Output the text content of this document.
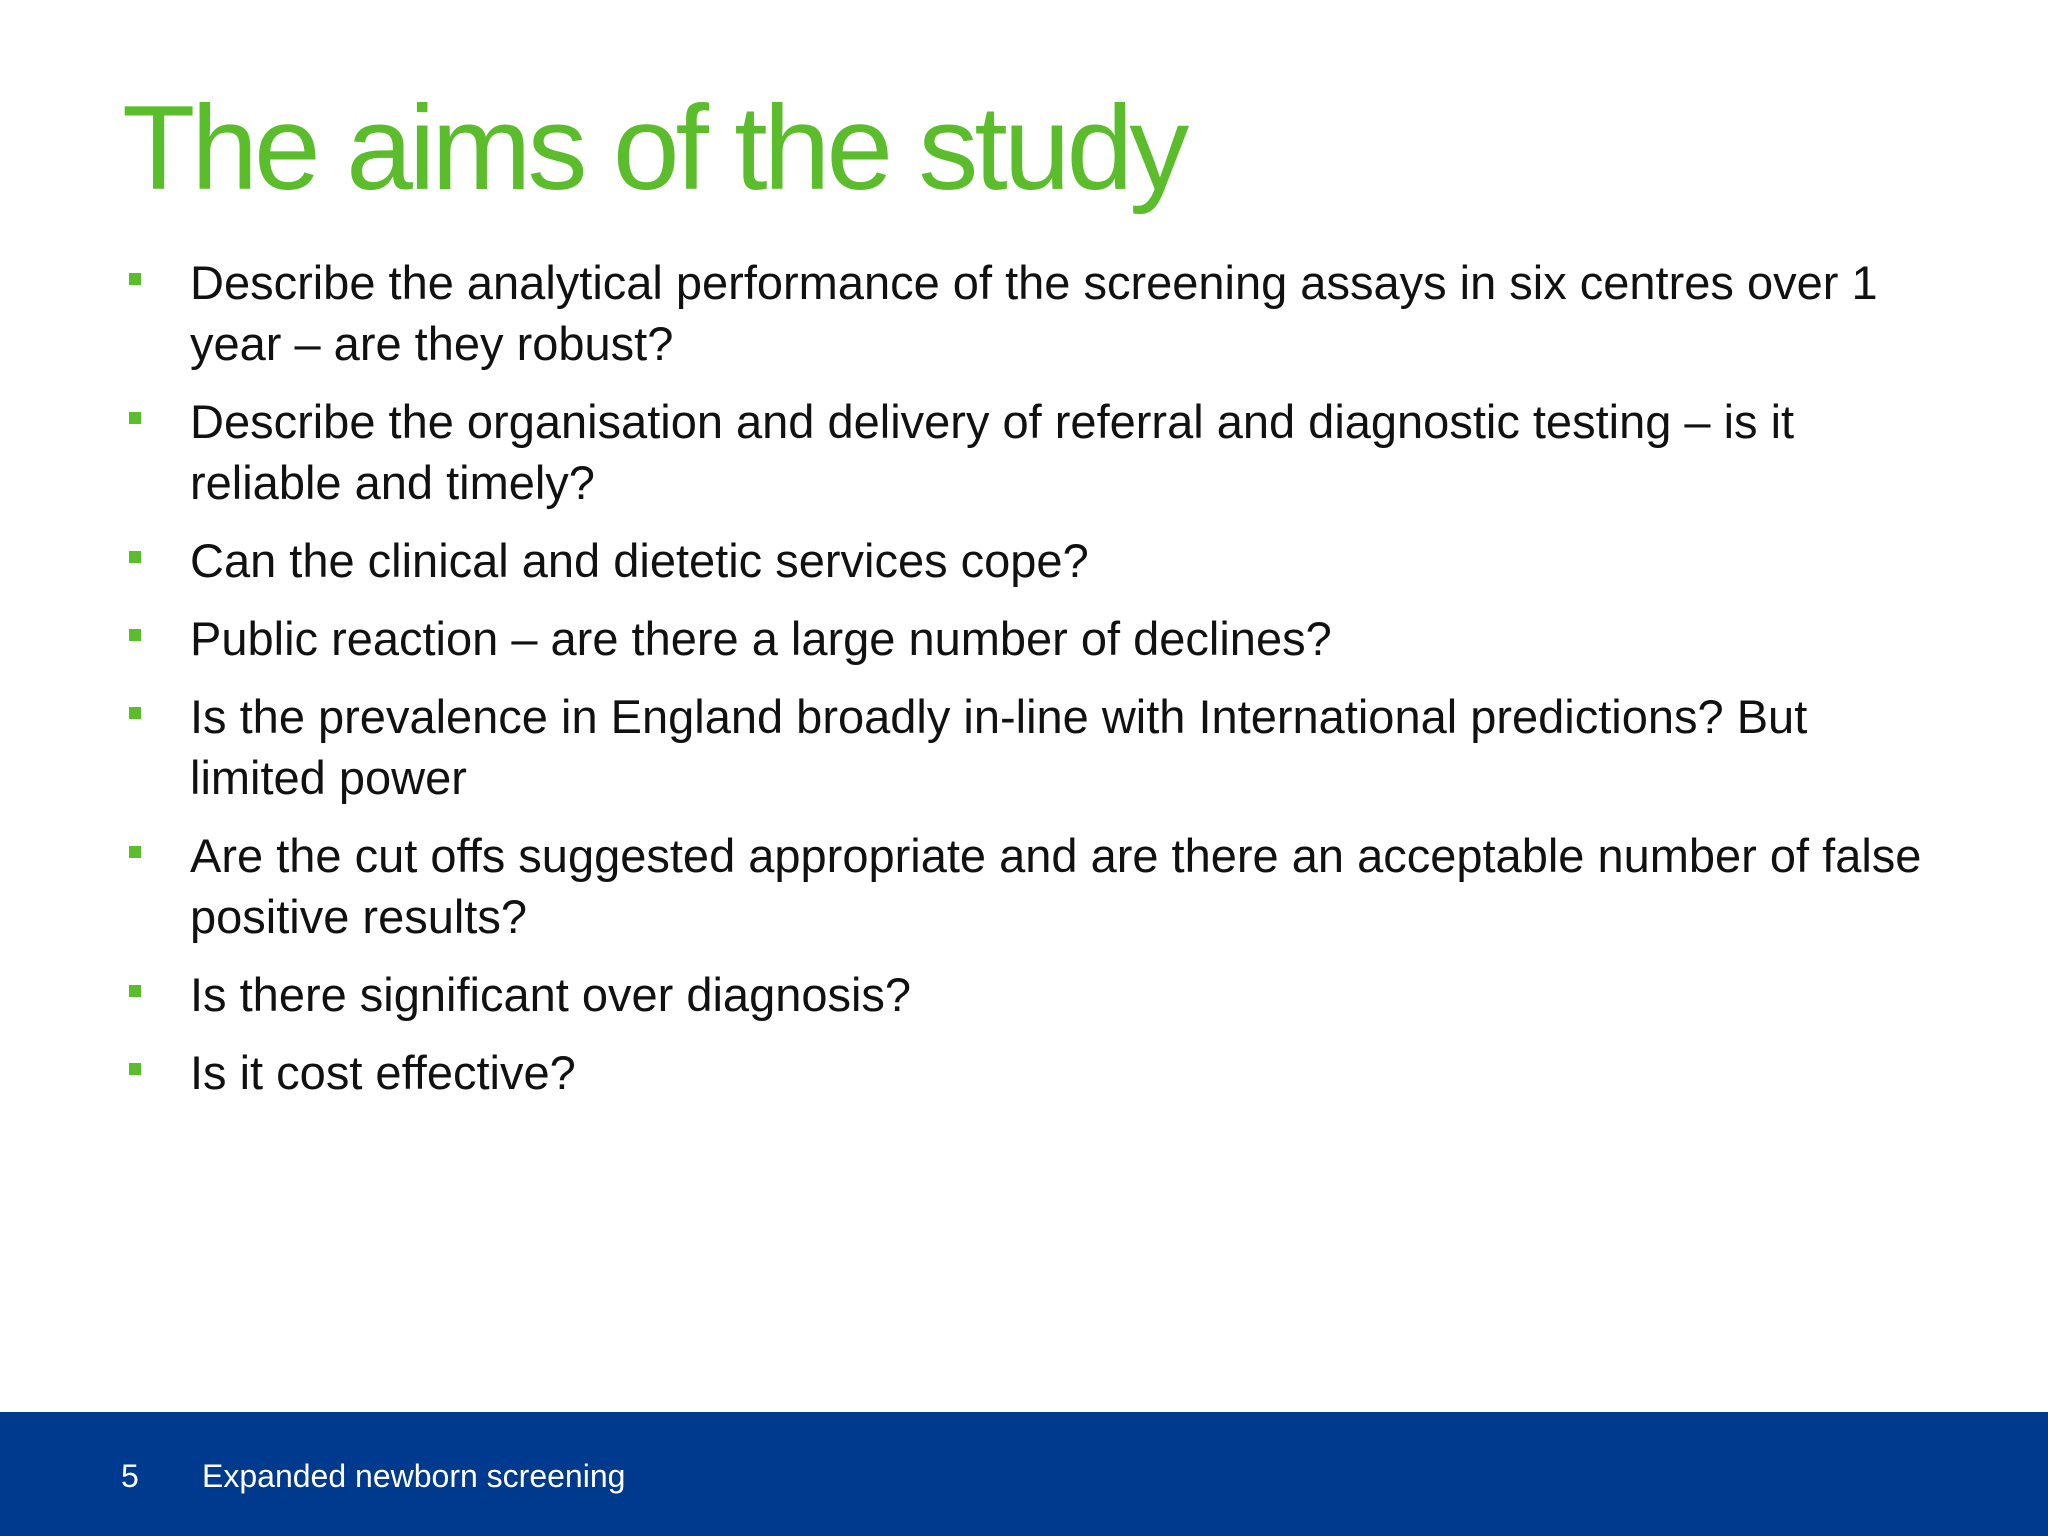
The aims of the study
Describe the analytical performance of the screening assays in six centres over 1 year – are they robust?
Describe the organisation and delivery of referral and diagnostic testing – is it reliable and timely?
Can the clinical and dietetic services cope?
Public reaction – are there a large number of declines?
Is the prevalence in England broadly in-line with International predictions? But limited power
Are the cut offs suggested appropriate and are there an acceptable number of false positive results?
Is there significant over diagnosis?
Is it cost effective?
5 Expanded newborn screening
